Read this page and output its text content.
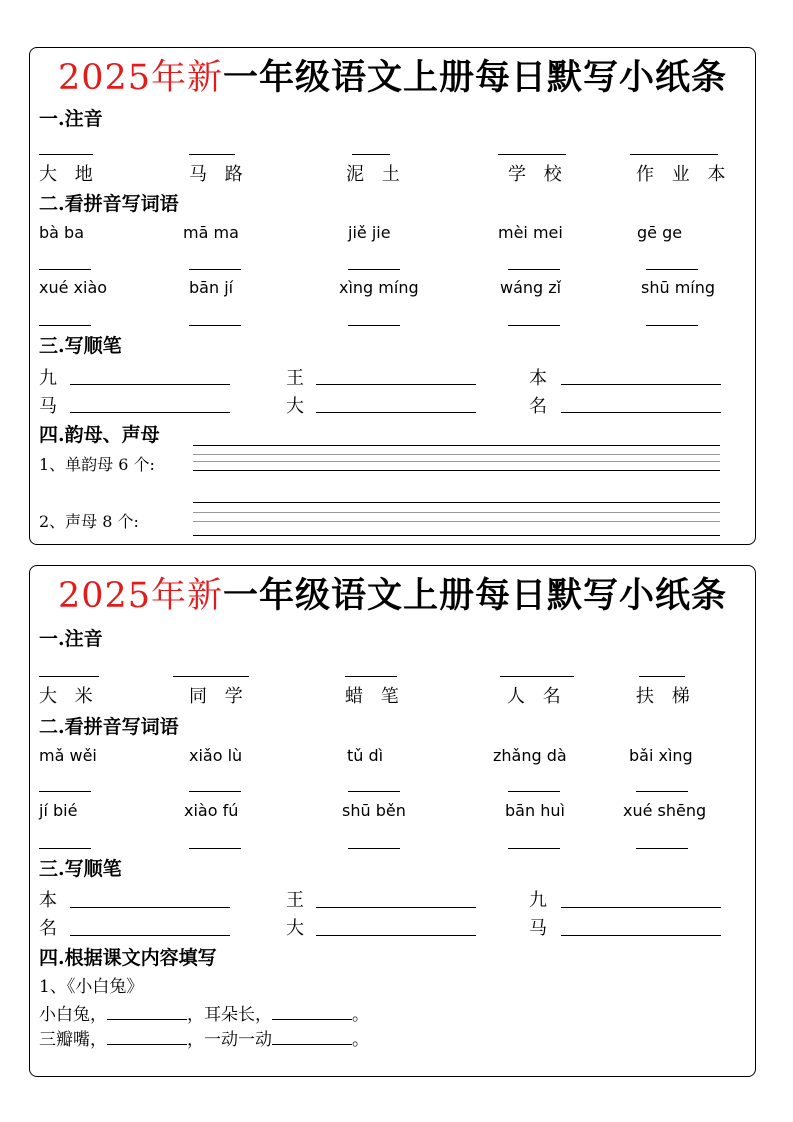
2025年新一年级语文上册每日默写小纸条
一.注音
大 地	马 路	泥 土	学 校	作 业 本
二.看拼音写词语
bà ba	mā ma	jiě jie	mèi mei	gē ge
xué xiào	bān jí	xìng míng	wáng zǐ	shū míng
三.写顺笔
九	王	本
马	大	名
四.韵母、声母
1、单韵母 6 个:
2、声母 8 个:
2025年新一年级语文上册每日默写小纸条
一.注音
大 米	同 学	蜡 笔	人 名	扶 梯
二.看拼音写词语
mǎ wěi	xiǎo lù	tǔ dì	zhǎng dà	bǎi xìng
jí bié	xiào fú	shū běn	bān huì	xué shēng
三.写顺笔
本	王	九
名	大	马
四.根据课文内容填写
1、《小白兔》
小白兔，	，耳朵长，	。
三瓣嘴，	，一动一动	。
